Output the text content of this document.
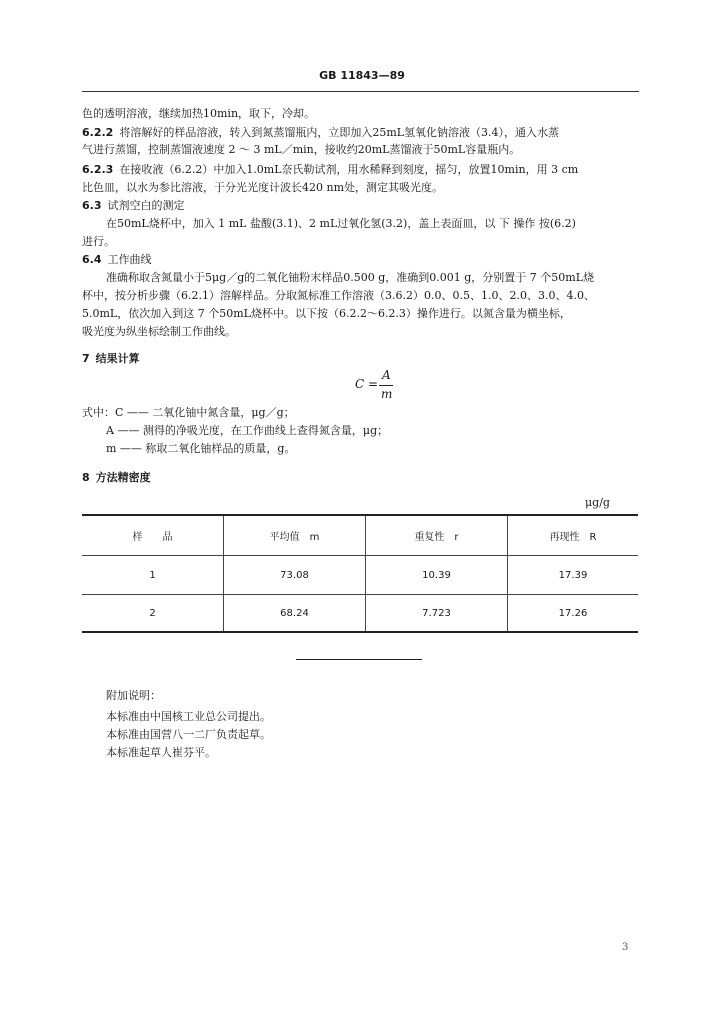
GB 11843—89
色的透明溶液，继续加热10min，取下，冷却。
6.2.2 将溶解好的样品溶液，转入到氮蒸馏瓶内，立即加入25mL氢氧化钠溶液（3.4），通入水蒸
气进行蒸馏，控制蒸馏液速度 2 ～ 3 mL／min，接收约20mL蒸馏液于50mL容量瓶内。
6.2.3 在接收液（6.2.2）中加入1.0mL奈氏勒试剂，用水稀释到刻度，摇匀，放置10min，用 3 cm
比色皿，以水为参比溶液，于分光光度计波长420 nm处，测定其吸光度。
6.3 试剂空白的测定
在50mL烧杯中，加入 1 mL 盐酸(3.1)、2 mL过氧化氢(3.2)，盖上表面皿，以 下 操作 按(6.2)
进行。
6.4 工作曲线
准确称取含氮量小于5μg／g的二氧化铀粉末样品0.500 g，准确到0.001 g，分别置于 7 个50mL烧
杯中，按分析步骤（6.2.1）溶解样品。分取氮标准工作溶液（3.6.2）0.0、0.5、1.0、2.0、3.0、4.0、
5.0mL，依次加入到这 7 个50mL烧杯中。以下按（6.2.2～6.2.3）操作进行。以氮含量为横坐标，
吸光度为纵坐标绘制工作曲线。
7 结果计算
C =
A
m
式中：C —— 二氧化铀中氮含量，μg／g；
A —— 测得的净吸光度，在工作曲线上查得氮含量，μg；
m —— 称取二氧化铀样品的质量，g。
8 方法精密度
μg/g
样　　品	平均值　m	重复性　r	再现性　R
1	73.08	10.39	17.39
2	68.24	7.723	17.26
附加说明：
本标准由中国核工业总公司提出。
本标准由国营八一二厂负责起草。
本标准起草人崔芬平。
3
